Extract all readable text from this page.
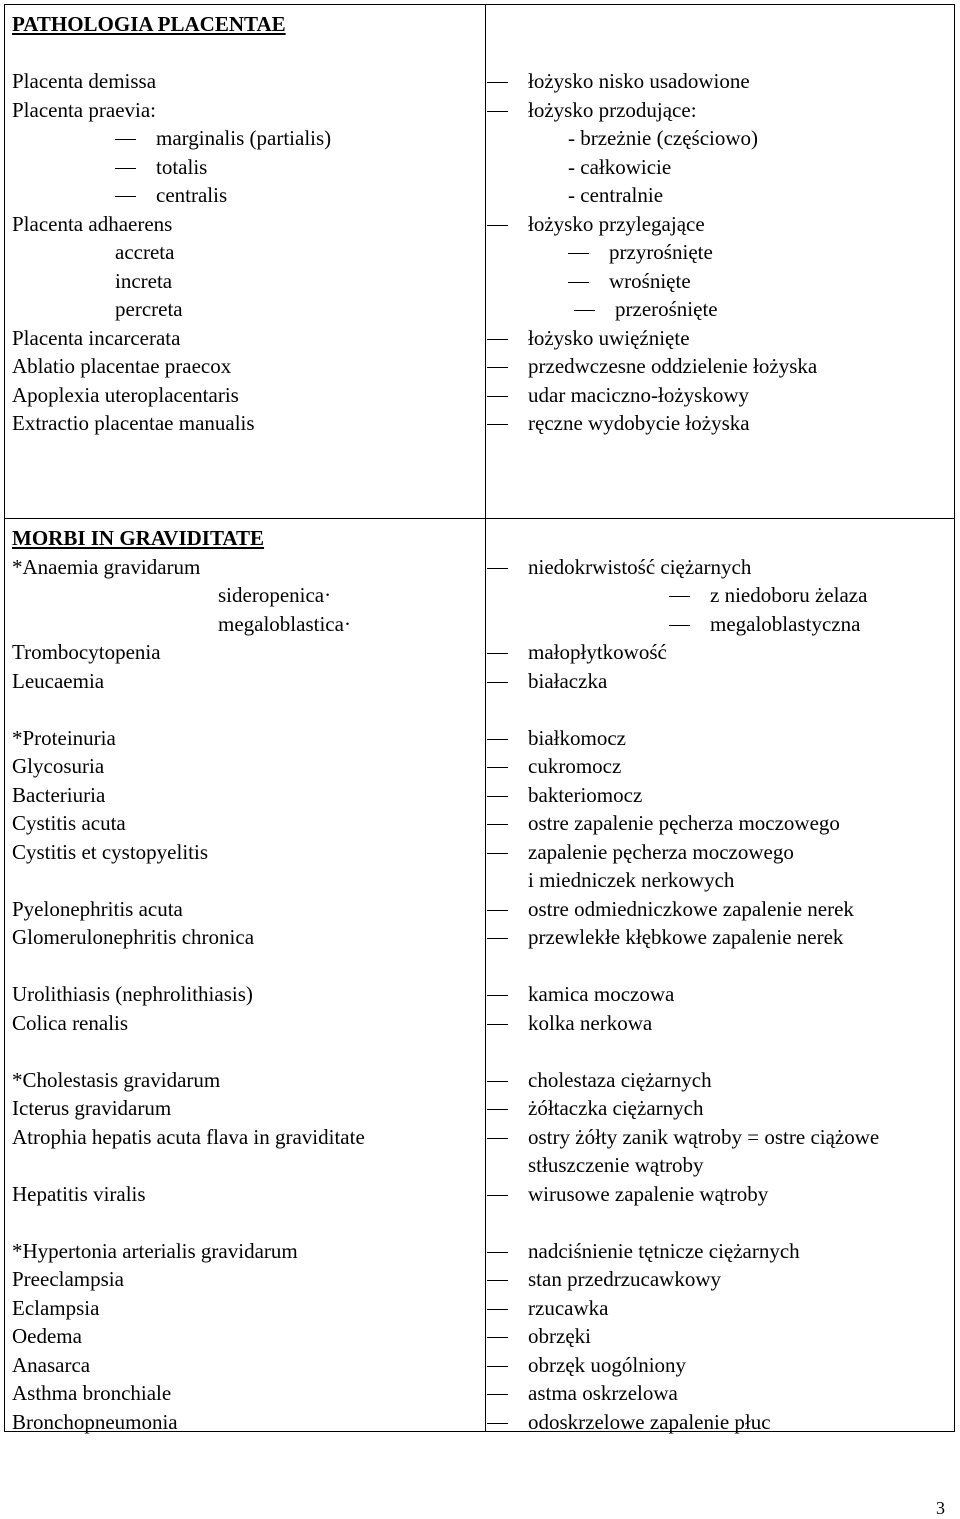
PATHOLOGIA PLACENTAE
Placenta demissa
Placenta praevia:
marginalis (partialis)
totalis
centralis
Placenta adhaerens
accreta
increta
percreta
Placenta incarcerata
Ablatio placentae praecox
Apoplexia uteroplacentaris
Extractio placentae manualis
łożysko nisko usadowione
łożysko przodujące:
- brzeżnie (częściowo)
- całkowicie
- centralnie
łożysko przylegające
przyrośnięte
wrośnięte
przerośnięte
łożysko uwięźnięte
przedwczesne oddzielenie łożyska
udar maciczno-łożyskowy
ręczne wydobycie łożyska
MORBI IN GRAVIDITATE
*Anaemia gravidarum
sideropenica·
megaloblastica·
Trombocytopenia
Leucaemia
*Proteinuria
Glycosuria
Bacteriuria
Cystitis acuta
Cystitis et cystopyelitis
Pyelonephritis acuta
Glomerulonephritis chronica
Urolithiasis (nephrolithiasis)
Colica renalis
*Cholestasis gravidarum
Icterus gravidarum
Atrophia hepatis acuta flava in graviditate
Hepatitis viralis
*Hypertonia arterialis gravidarum
Preeclampsia
Eclampsia
Oedema
Anasarca
Asthma bronchiale
Bronchopneumonia
niedokrwistość ciężarnych
z niedoboru żelaza
megaloblastyczna
małopłytkowość
białaczka
białkomocz
cukromocz
bakteriomocz
ostre zapalenie pęcherza moczowego
zapalenie pęcherza moczowego
i miedniczek nerkowych
ostre odmiedniczkowe zapalenie nerek
przewlekłe kłębkowe zapalenie nerek
kamica moczowa
kolka nerkowa
cholestaza ciężarnych
żółtaczka ciężarnych
ostry żółty zanik wątroby = ostre ciążowe
stłuszczenie wątroby
wirusowe zapalenie wątroby
nadciśnienie tętnicze ciężarnych
stan przedrzucawkowy
rzucawka
obrzęki
obrzęk uogólniony
astma oskrzelowa
odoskrzelowe zapalenie płuc
3
